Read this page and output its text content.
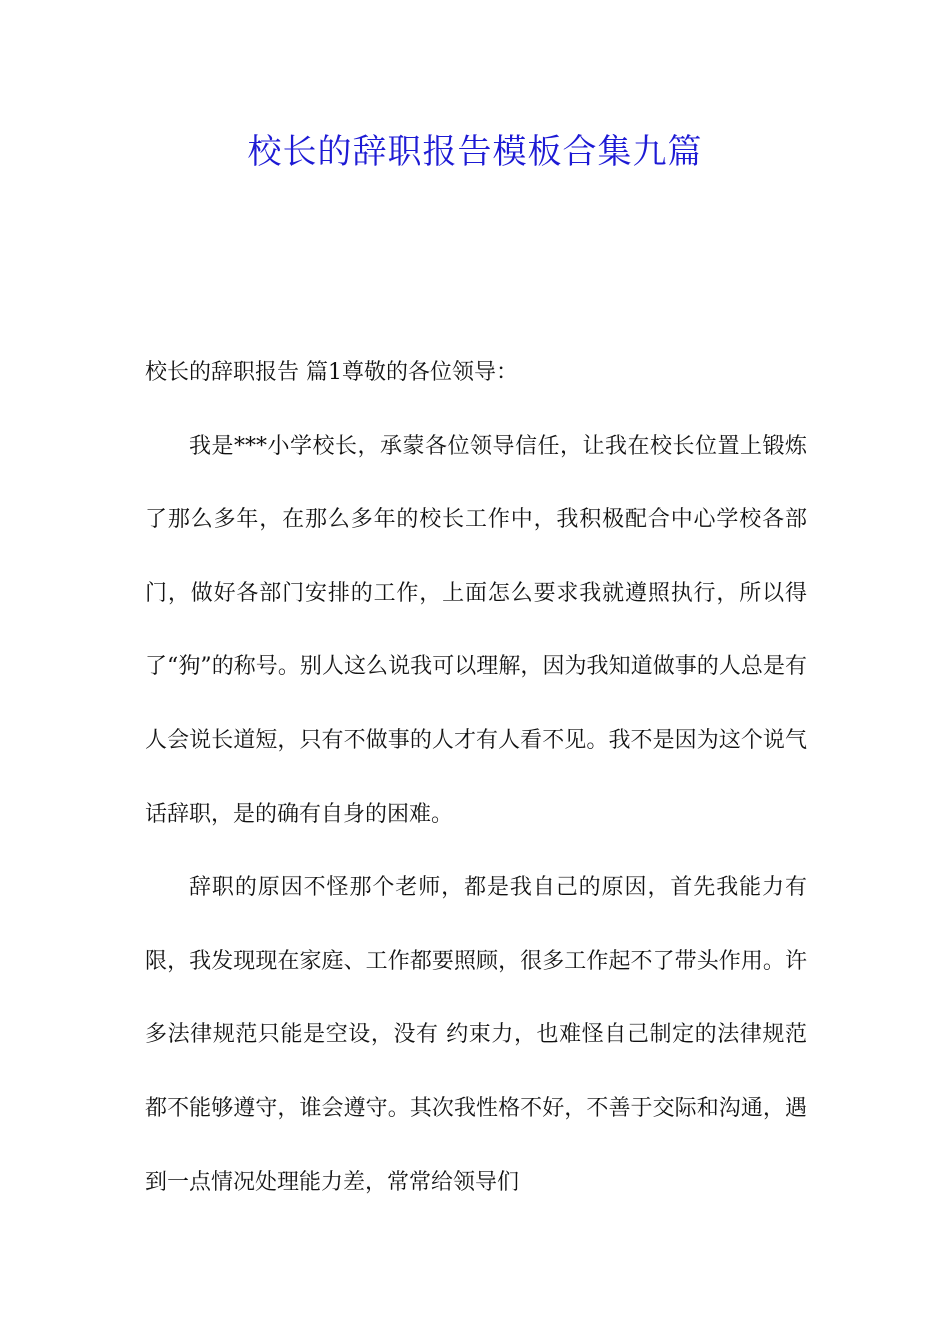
校长的辞职报告模板合集九篇

校长的辞职报告 篇1尊敬的各位领导：

我是***小学校长，承蒙各位领导信任，让我在校长位置上锻炼了那么多年，在那么多年的校长工作中，我积极配合中心学校各部门，做好各部门安排的工作，上面怎么要求我就遵照执行，所以得了“狗”的称号。别人这么说我可以理解，因为我知道做事的人总是有人会说长道短，只有不做事的人才有人看不见。我不是因为这个说气话辞职，是的确有自身的困难。

辞职的原因不怪那个老师，都是我自己的原因，首先我能力有限，我发现现在家庭、工作都要照顾，很多工作起不了带头作用。许多法律规范只能是空设，没有 约束力，也难怪自己制定的法律规范都不能够遵守，谁会遵守。其次我性格不好，不善于交际和沟通，遇到一点情况处理能力差，常常给领导们
